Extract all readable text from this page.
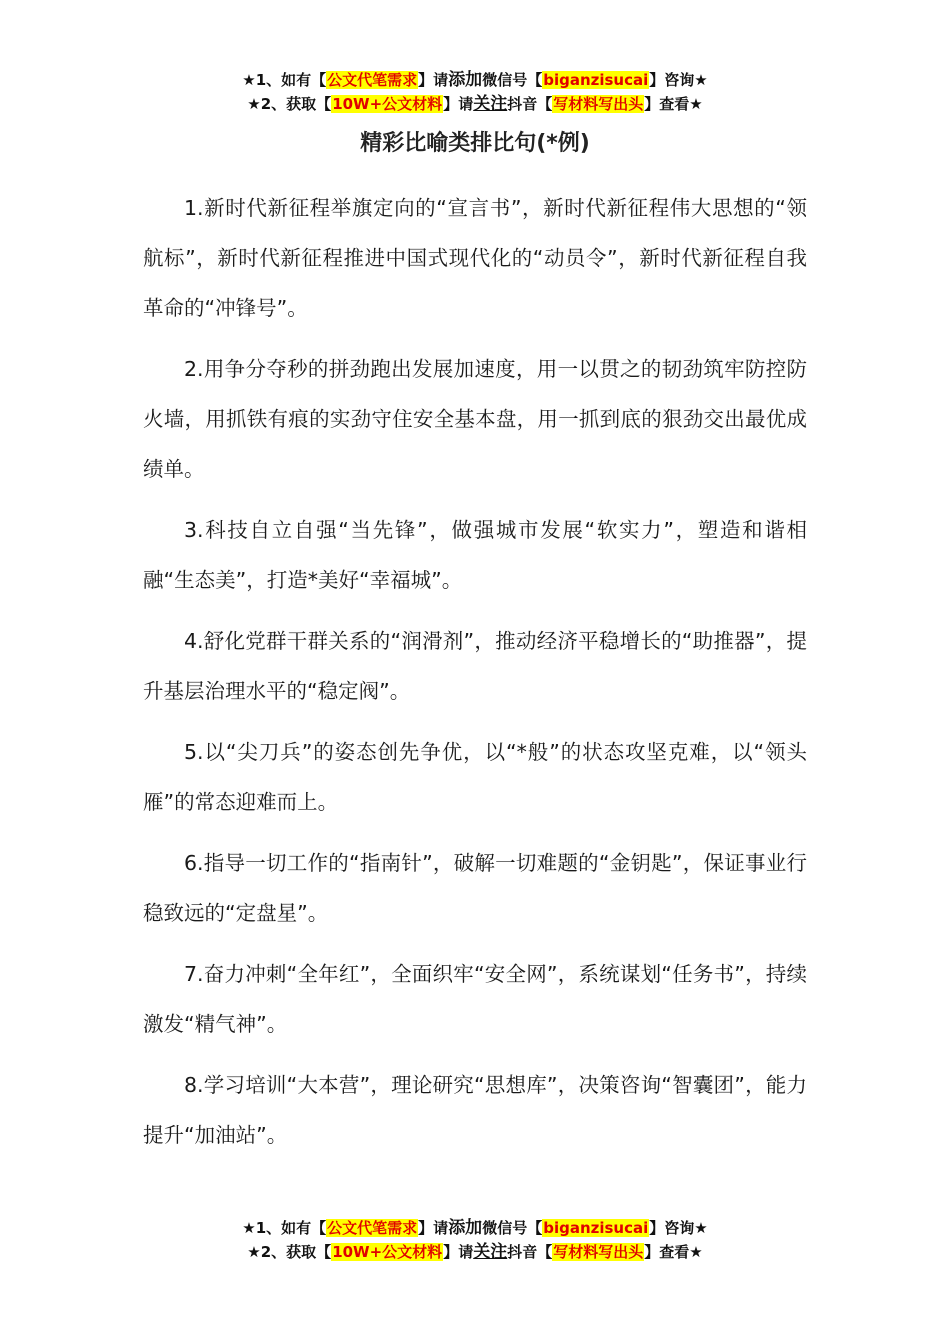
★1、如有【公文代笔需求】请添加微信号【biganzisucai】咨询★
★2、获取【10W+公文材料】请关注抖音【写材料写出头】查看★
精彩比喻类排比句(*例)

1.新时代新征程举旗定向的“宣言书”，新时代新征程伟大思想的“领航标”，新时代新征程推进中国式现代化的“动员令”，新时代新征程自我革命的“冲锋号”。

2.用争分夺秒的拼劲跑出发展加速度，用一以贯之的韧劲筑牢防控防火墙，用抓铁有痕的实劲守住安全基本盘，用一抓到底的狠劲交出最优成绩单。

3.科技自立自强“当先锋”，做强城市发展“软实力”，塑造和谐相融“生态美”，打造*美好“幸福城”。

4.舒化党群干群关系的“润滑剂”，推动经济平稳增长的“助推器”，提升基层治理水平的“稳定阀”。

5.以“尖刀兵”的姿态创先争优，以“*般”的状态攻坚克难，以“领头雁”的常态迎难而上。

6.指导一切工作的“指南针”，破解一切难题的“金钥匙”，保证事业行稳致远的“定盘星”。

7.奋力冲刺“全年红”，全面织牢“安全网”，系统谋划“任务书”，持续激发“精气神”。

8.学习培训“大本营”，理论研究“思想库”，决策咨询“智囊团”，能力提升“加油站”。

★1、如有【公文代笔需求】请添加微信号【biganzisucai】咨询★
★2、获取【10W+公文材料】请关注抖音【写材料写出头】查看★
